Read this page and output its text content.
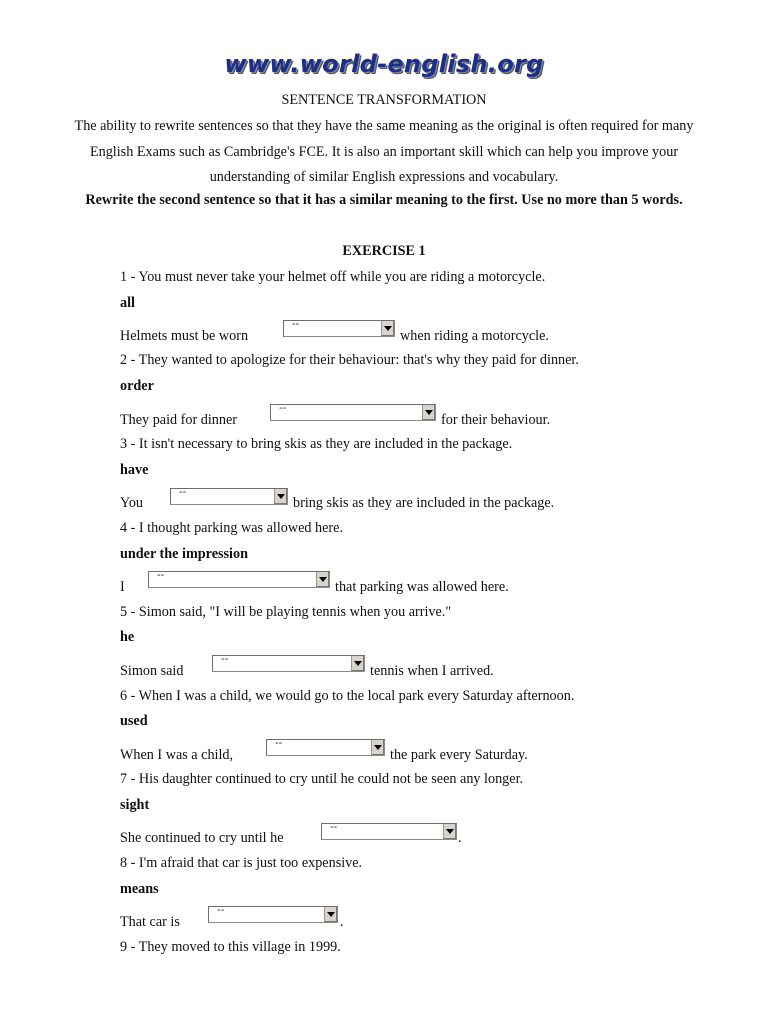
www.world-english.org
SENTENCE TRANSFORMATION
The ability to rewrite sentences so that they have the same meaning as the original is often required for many English Exams such as Cambridge's FCE. It is also an important skill which can help you improve your understanding of similar English expressions and vocabulary.
Rewrite the second sentence so that it has a similar meaning to the first. Use no more than 5 words.
EXERCISE 1
1 - You must never take your helmet off while you are riding a motorcycle.
all
Helmets must be worn
--
when riding a motorcycle.
2 - They wanted to apologize for their behaviour: that's why they paid for dinner.
order
They paid for dinner
--
for their behaviour.
3 - It isn't necessary to bring skis as they are included in the package.
have
You
--
bring skis as they are included in the package.
4 - I thought parking was allowed here.
under the impression
I
--
that parking was allowed here.
5 - Simon said, "I will be playing tennis when you arrive."
he
Simon said
--
tennis when I arrived.
6 - When I was a child, we would go to the local park every Saturday afternoon.
used
When I was a child,
--
the park every Saturday.
7 - His daughter continued to cry until he could not be seen any longer.
sight
She continued to cry until he
--
.
8 - I'm afraid that car is just too expensive.
means
That car is
--
.
9 - They moved to this village in 1999.
